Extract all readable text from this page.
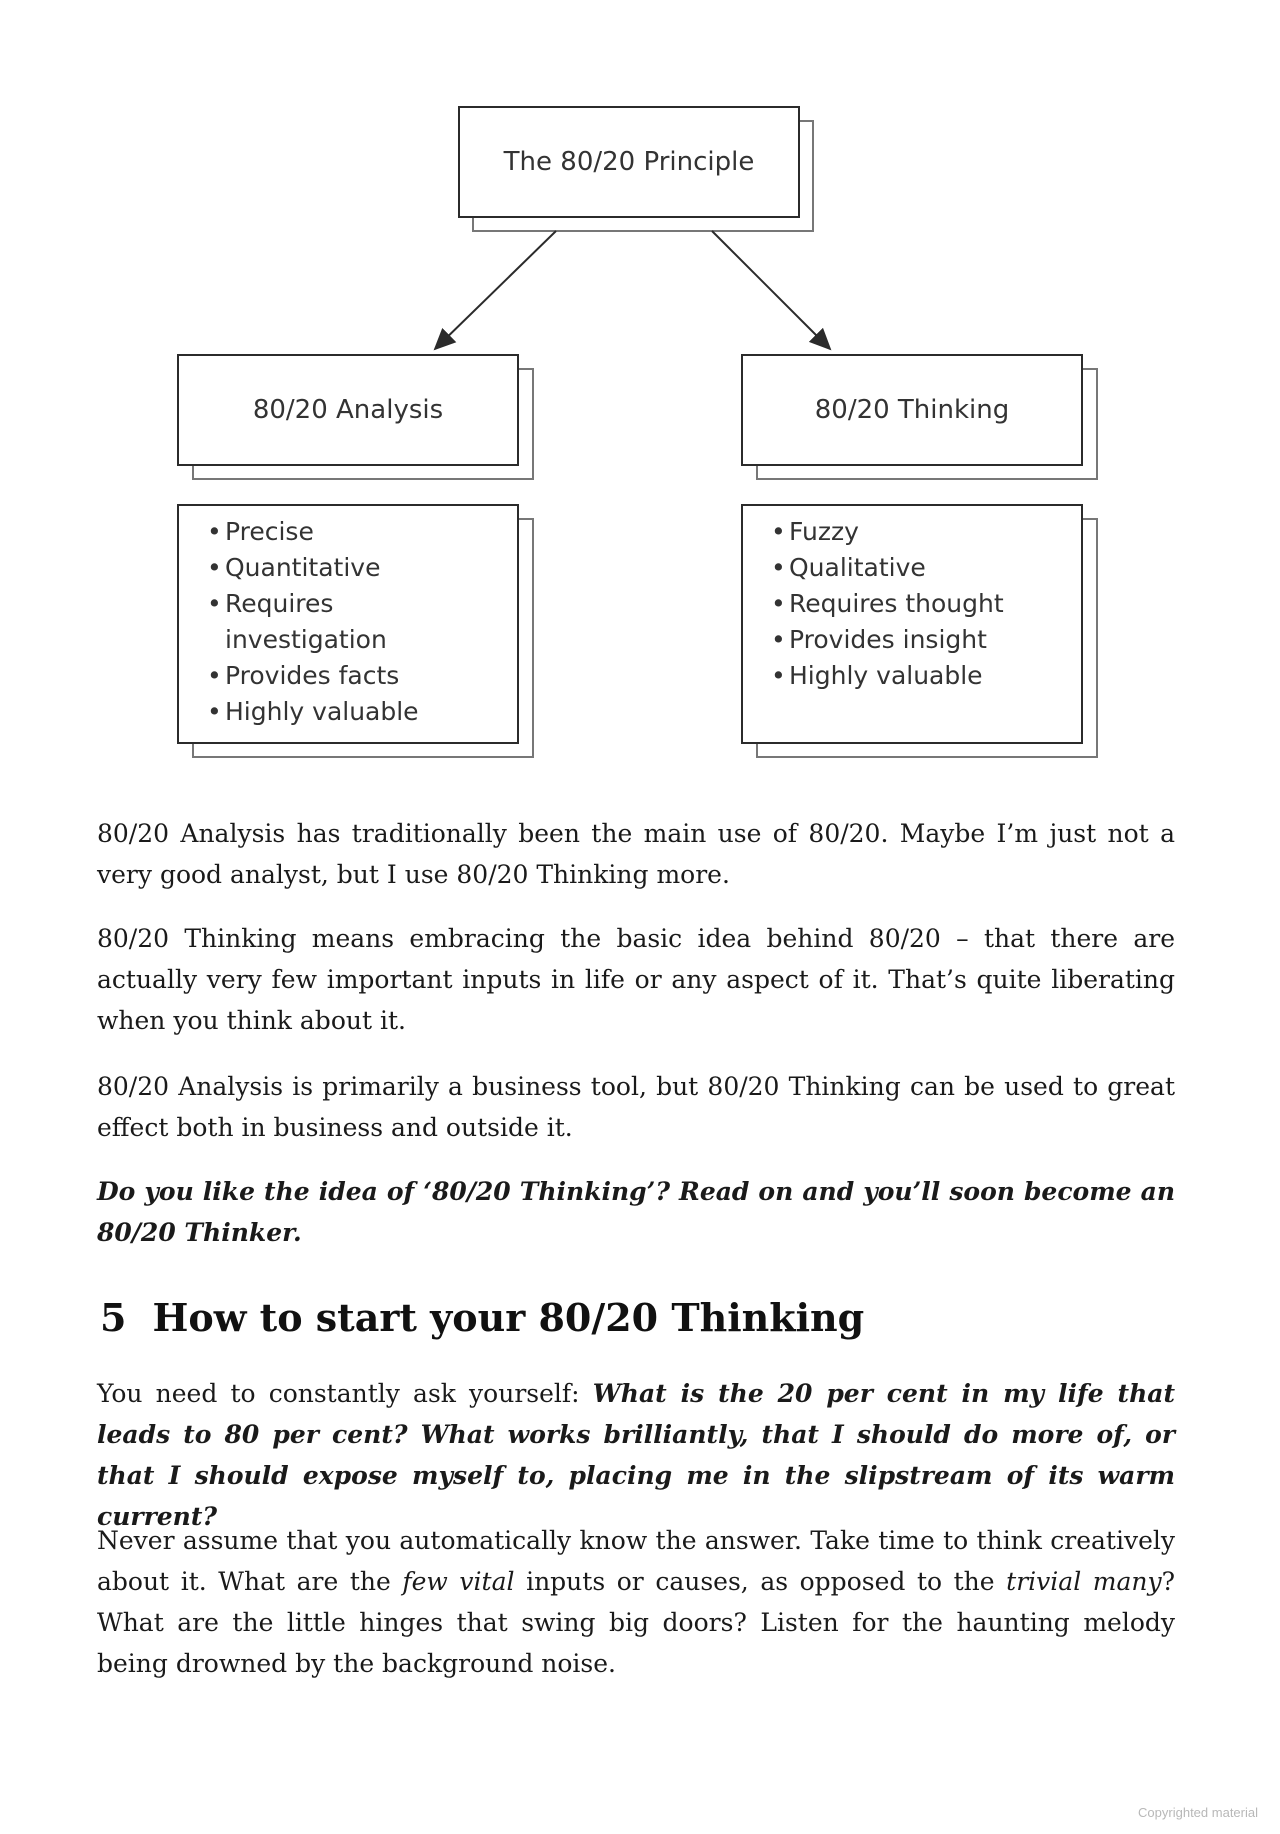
The 80/20 Principle
80/20 Analysis	80/20 Thinking
• Precise
• Quantitative
• Requires investigation
• Provides facts
• Highly valuable
• Fuzzy
• Qualitative
• Requires thought
• Provides insight
• Highly valuable

80/20 Analysis has traditionally been the main use of 80/20. Maybe I’m just not a very good analyst, but I use 80/20 Thinking more.

80/20 Thinking means embracing the basic idea behind 80/20 – that there are actually very few important inputs in life or any aspect of it. That’s quite liberating when you think about it.

80/20 Analysis is primarily a business tool, but 80/20 Thinking can be used to great effect both in business and outside it.

Do you like the idea of ‘80/20 Thinking’? Read on and you’ll soon become an 80/20 Thinker.

5 How to start your 80/20 Thinking

You need to constantly ask yourself: What is the 20 per cent in my life that leads to 80 per cent? What works brilliantly, that I should do more of, or that I should expose myself to, placing me in the slipstream of its warm current?

Never assume that you automatically know the answer. Take time to think creatively about it. What are the few vital inputs or causes, as opposed to the trivial many? What are the little hinges that swing big doors? Listen for the haunting melody being drowned by the background noise.

Copyrighted material
